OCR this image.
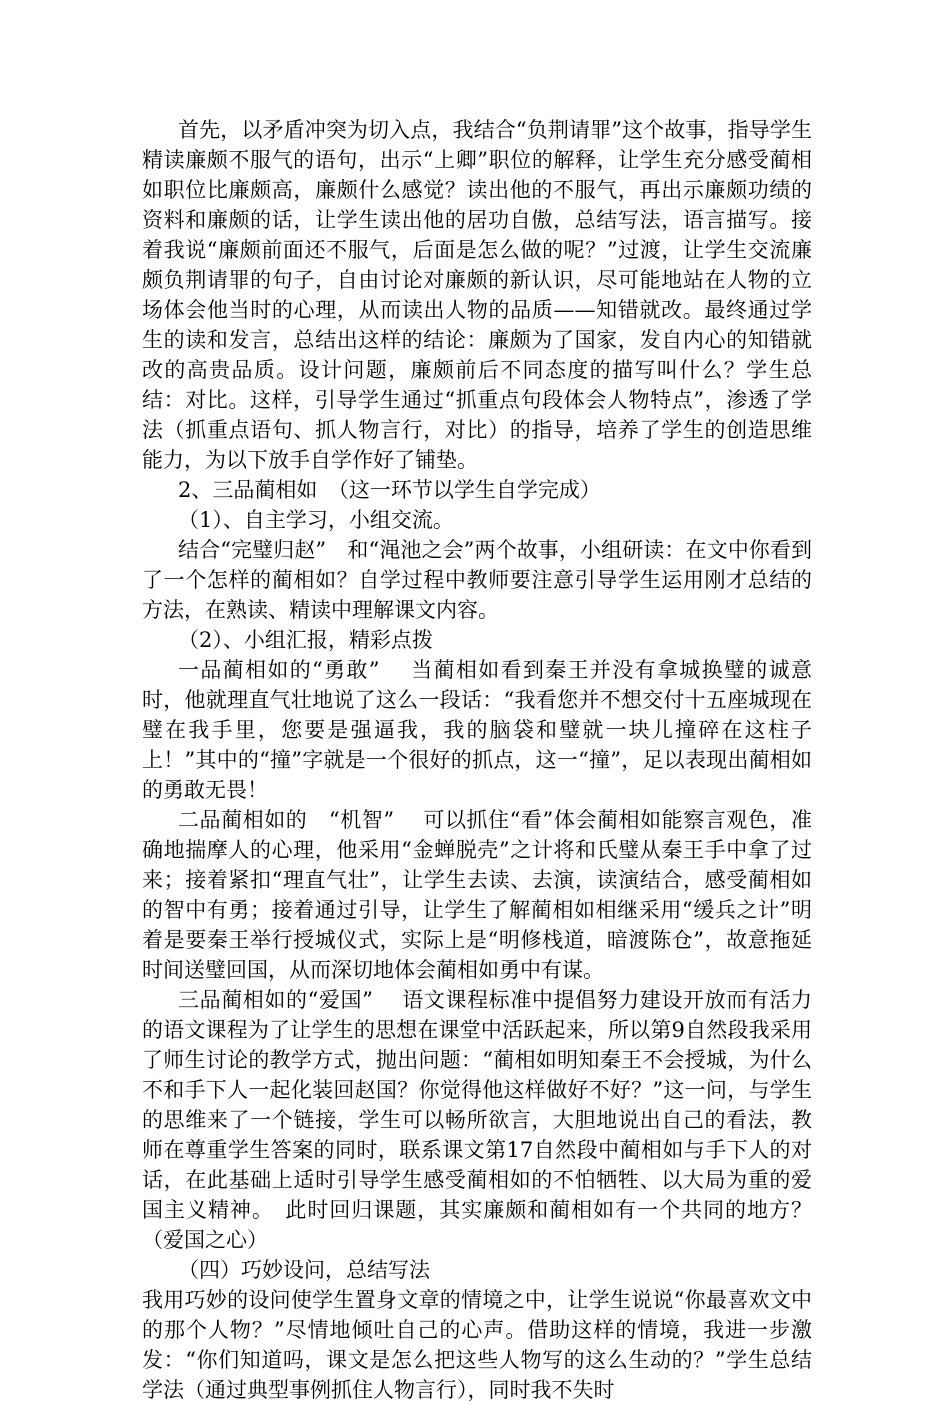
首先，以矛盾冲突为切入点，我结合“负荆请罪”这个故事，指导学生精读廉颇不服气的语句，出示“上卿”职位的解释，让学生充分感受蔺相如职位比廉颇高，廉颇什么感觉？读出他的不服气，再出示廉颇功绩的资料和廉颇的话，让学生读出他的居功自傲，总结写法，语言描写。接着我说“廉颇前面还不服气，后面是怎么做的呢？”过渡，让学生交流廉颇负荆请罪的句子，自由讨论对廉颇的新认识，尽可能地站在人物的立场体会他当时的心理，从而读出人物的品质——知错就改。最终通过学生的读和发言，总结出这样的结论：廉颇为了国家，发自内心的知错就改的高贵品质。设计问题，廉颇前后不同态度的描写叫什么？学生总结：对比。这样，引导学生通过“抓重点句段体会人物特点”，渗透了学法（抓重点语句、抓人物言行，对比）的指导，培养了学生的创造思维能力，为以下放手自学作好了铺垫。

2、三品蔺相如　（这一环节以学生自学完成）

（1）、自主学习，小组交流。

结合“完璧归赵”　和“渑池之会”两个故事，小组研读：在文中你看到了一个怎样的蔺相如？自学过程中教师要注意引导学生运用刚才总结的方法，在熟读、精读中理解课文内容。

（2）、小组汇报，精彩点拨

一品蔺相如的“勇敢”　 当蔺相如看到秦王并没有拿城换璧的诚意时，他就理直气壮地说了这么一段话：“我看您并不想交付十五座城现在璧在我手里，您要是强逼我，我的脑袋和璧就一块儿撞碎在这柱子上！”其中的“撞”字就是一个很好的抓点，这一“撞”，足以表现出蔺相如的勇敢无畏！

二品蔺相如的　“机智”　 可以抓住“看”体会蔺相如能察言观色，准确地揣摩人的心理，他采用“金蝉脱壳”之计将和氏璧从秦王手中拿了过来；接着紧扣“理直气壮”，让学生去读、去演，读演结合，感受蔺相如的智中有勇；接着通过引导，让学生了解蔺相如相继采用“缓兵之计”明着是要秦王举行授城仪式，实际上是“明修栈道，暗渡陈仓”，故意拖延时间送璧回国，从而深切地体会蔺相如勇中有谋。

三品蔺相如的“爱国”　 语文课程标准中提倡努力建设开放而有活力的语文课程为了让学生的思想在课堂中活跃起来，所以第9自然段我采用了师生讨论的教学方式，抛出问题：“蔺相如明知秦王不会授城，为什么不和手下人一起化装回赵国？你觉得他这样做好不好？”这一问，与学生的思维来了一个链接，学生可以畅所欲言，大胆地说出自己的看法，教师在尊重学生答案的同时，联系课文第17自然段中蔺相如与手下人的对话，在此基础上适时引导学生感受蔺相如的不怕牺牲、以大局为重的爱国主义精神。　此时回归课题，其实廉颇和蔺相如有一个共同的地方？（爱国之心）

（四）巧妙设问，总结写法

我用巧妙的设问使学生置身文章的情境之中，让学生说说“你最喜欢文中的那个人物？”尽情地倾吐自己的心声。借助这样的情境，我进一步激发：“你们知道吗，课文是怎么把这些人物写的这么生动的？”学生总结学法（通过典型事例抓住人物言行），同时我不失时
